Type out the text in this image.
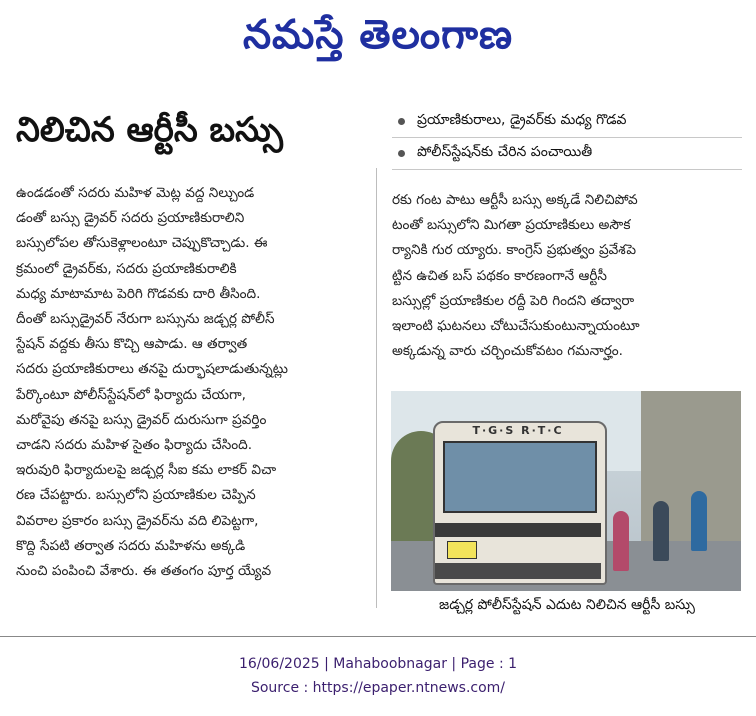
నమస్తే తెలంగాణ
నిలిచిన ఆర్టీసీ బస్సు	ప్రయాణికురాలు, డ్రైవర్‌కు మధ్య గొడవ
పోలీస్‌స్టేషన్‌కు చేరిన పంచాయితీ
ఉండడంతో సదరు మహిళ మెట్ల వద్ద నిల్చుండ
డంతో బస్సు డ్రైవర్ సదరు ప్రయాణికురాలిని
బస్సులోపల తోసుకెళ్లాలంటూ చెప్పుకొచ్చాడు. ఈ
క్రమంలో డ్రైవర్‌కు, సదరు ప్రయాణికురాలికి
మధ్య మాటామాట పెరిగి గొడవకు దారి తీసింది.
దీంతో బస్సుడ్రైవర్ నేరుగా బస్సును జడ్చర్ల పోలీస్
స్టేషన్ వద్దకు తీసు కొచ్చి ఆపాడు. ఆ తర్వాత
సదరు ప్రయాణికురాలు తనపై దుర్భాషలాడుతున్నట్లు
పేర్కొంటూ పోలీస్‌స్టేషన్‌లో ఫిర్యాదు చేయగా,
మరోవైపు తనపై బస్సు డ్రైవర్ దురుసుగా ప్రవర్తిం
చాడని సదరు మహిళ సైతం ఫిర్యాదు చేసింది.
ఇరువురి ఫిర్యాదులపై జడ్చర్ల సీఐ కమ లాకర్ విచా
రణ చేపట్టారు. బస్సులోని ప్రయాణికుల చెప్పిన
వివరాల ప్రకారం బస్సు డ్రైవర్‌ను వది లిపెట్టగా,
కొద్ది సేపటి తర్వాత సదరు మహిళను అక్కడి
నుంచి పంపించి వేశారు. ఈ తతంగం పూర్త య్యేవ
రకు గంట పాటు ఆర్టీసీ బస్సు అక్కడే నిలిచిపోవ
టంతో బస్సులోని మిగతా ప్రయాణికులు అసౌక
ర్యానికి గుర య్యారు. కాంగ్రెస్ ప్రభుత్వం ప్రవేశపె
ట్టిన ఉచిత బస్ పథకం కారణంగానే ఆర్టీసీ
బస్సుల్లో ప్రయాణికుల రద్దీ పెరి గిందని తద్వారా
ఇలాంటి ఘటనలు చోటుచేసుకుంటున్నాయంటూ
అక్కడున్న వారు చర్చించుకోవటం గమనార్హం.
T·G·S R·T·C
జడ్చర్ల పోలీస్‌స్టేషన్ ఎదుట నిలిచిన ఆర్టీసీ బస్సు
16/06/2025 | Mahaboobnagar | Page : 1
Source : https://epaper.ntnews.com/
